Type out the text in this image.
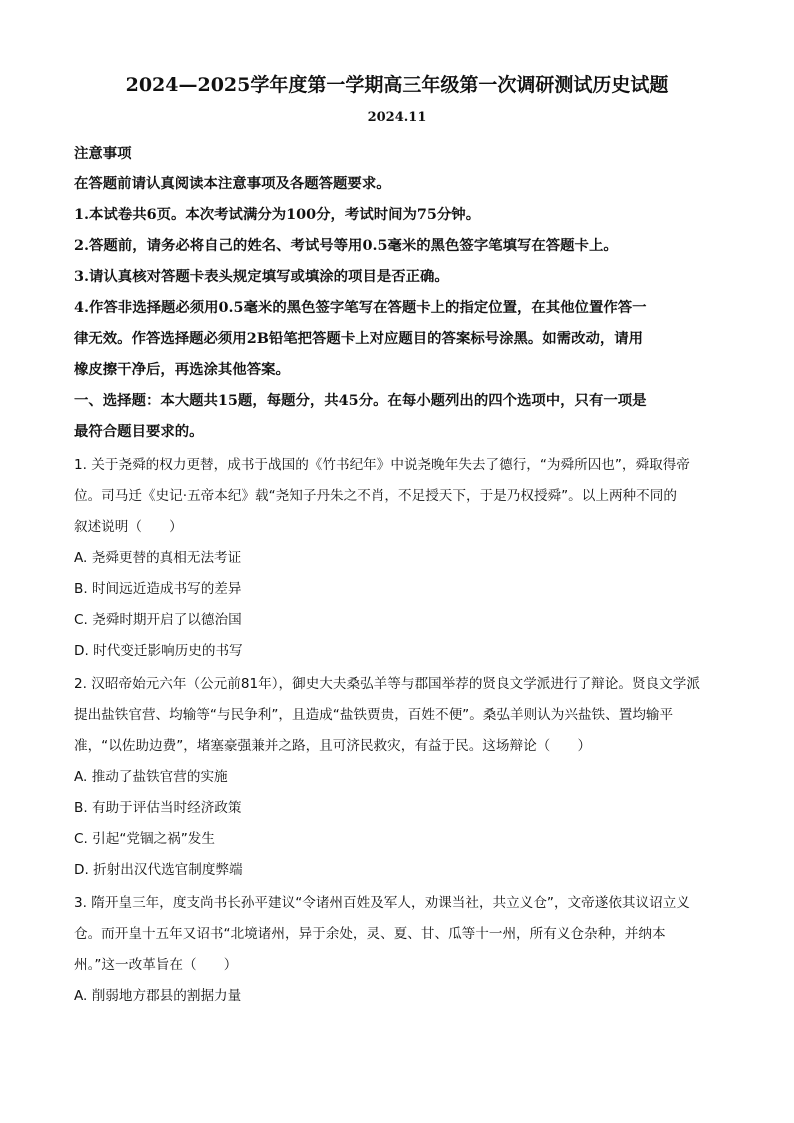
2024—2025学年度第一学期高三年级第一次调研测试历史试题
2024.11
注意事项
在答题前请认真阅读本注意事项及各题答题要求。
1.本试卷共6页。本次考试满分为100分，考试时间为75分钟。
2.答题前，请务必将自己的姓名、考试号等用0.5毫米的黑色签字笔填写在答题卡上。
3.请认真核对答题卡表头规定填写或填涂的项目是否正确。
4.作答非选择题必须用0.5毫米的黑色签字笔写在答题卡上的指定位置，在其他位置作答一
律无效。作答选择题必须用2B铅笔把答题卡上对应题目的答案标号涂黑。如需改动，请用
橡皮擦干净后，再选涂其他答案。
一、选择题：本大题共15题，每题分，共45分。在每小题列出的四个选项中，只有一项是
最符合题目要求的。
1. 关于尧舜的权力更替，成书于战国的《竹书纪年》中说尧晚年失去了德行，“为舜所囚也”，舜取得帝
位。司马迁《史记·五帝本纪》载“尧知子丹朱之不肖，不足授天下，于是乃权授舜”。以上两种不同的
叙述说明（　　）
A. 尧舜更替的真相无法考证
B. 时间远近造成书写的差异
C. 尧舜时期开启了以德治国
D. 时代变迁影响历史的书写
2. 汉昭帝始元六年（公元前81年），御史大夫桑弘羊等与郡国举荐的贤良文学派进行了辩论。贤良文学派
提出盐铁官营、均输等“与民争利”，且造成“盐铁贾贵，百姓不便”。桑弘羊则认为兴盐铁、置均输平
准，“以佐助边费”，堵塞豪强兼并之路，且可济民救灾，有益于民。这场辩论（　　）
A. 推动了盐铁官营的实施
B. 有助于评估当时经济政策
C. 引起“党锢之祸”发生
D. 折射出汉代选官制度弊端
3. 隋开皇三年，度支尚书长孙平建议“令诸州百姓及军人，劝课当社，共立义仓”，文帝遂依其议诏立义
仓。而开皇十五年又诏书“北境诸州，异于余处，灵、夏、甘、瓜等十一州，所有义仓杂种，并纳本
州。”这一改革旨在（　　）
A. 削弱地方郡县的割据力量
